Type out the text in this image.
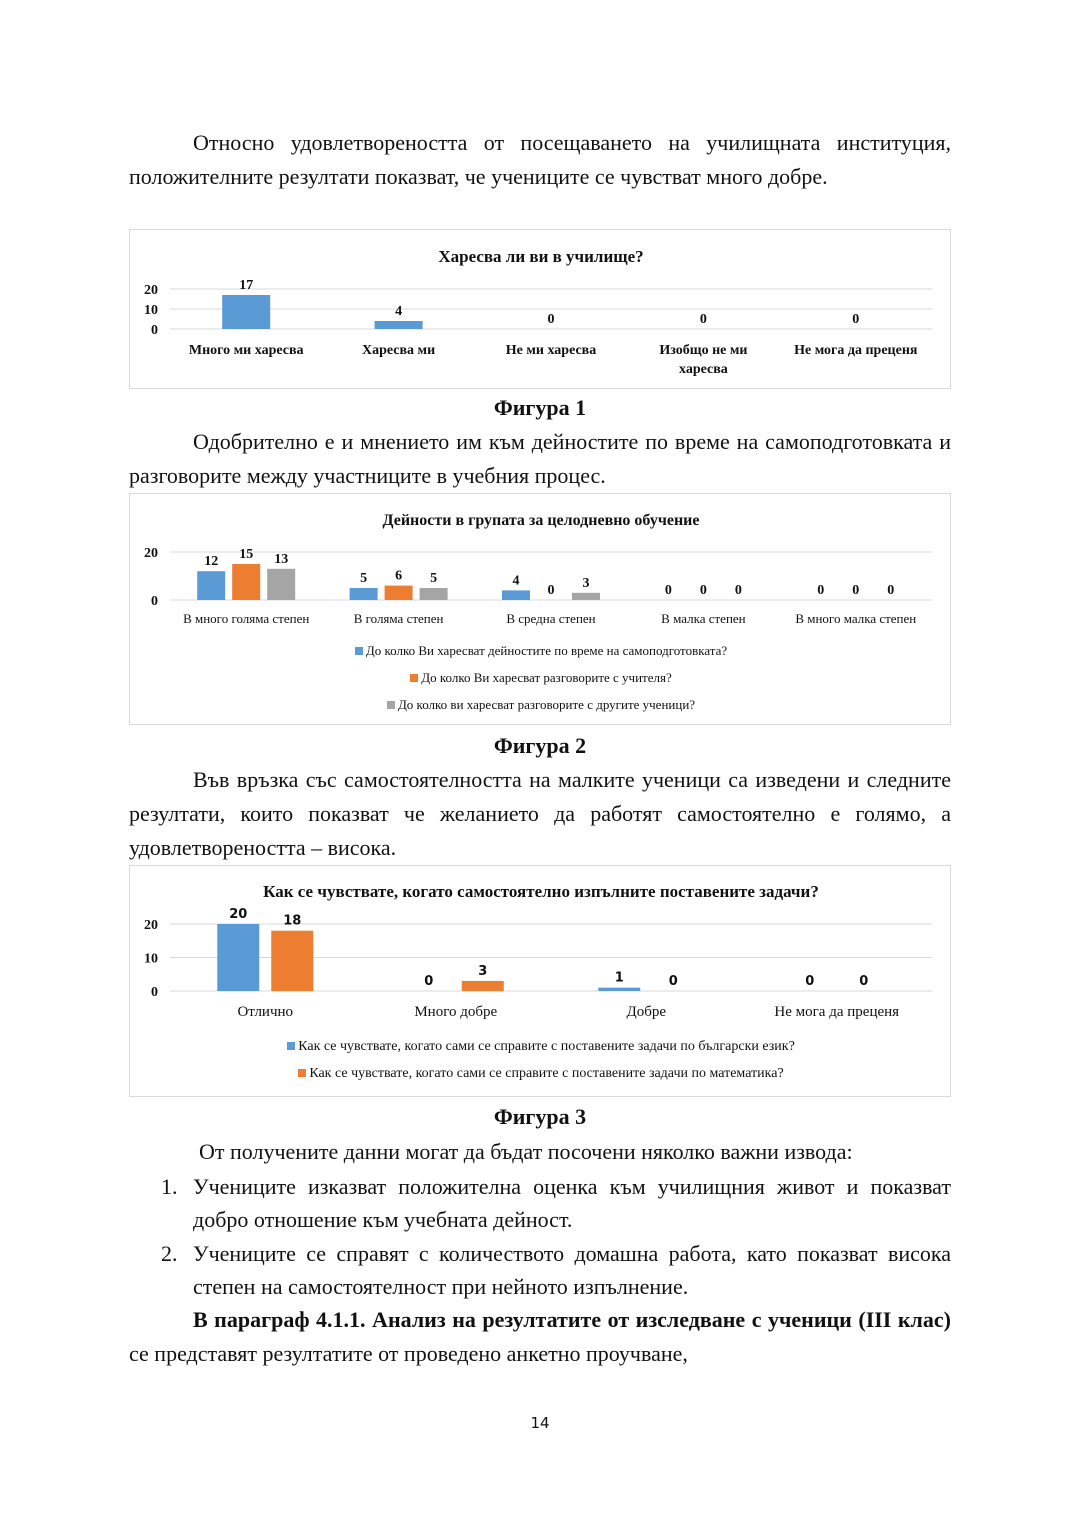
Относно удовлетвореността от посещаването на училищната институция, положителните резултати показват, че учениците се чувстват много добре.

Харесва ли ви в училище?
0
10
20	17
Много ми харесва
4
Харесва ми
0
Не ми харесва
0
Изобщо не ми харесва
0
Не мога да преценя
Фигура 1

Одобрително е и мнението им към дейностите по време на самоподготовката и разговорите между участниците в учебния процес.

Дейности в групата за целодневно обучение
0
20
12 15 13
В много голяма степен
5 6 5
В голяма степен
4
0 3
В средна степен
0 0 0
В малка степен
0 0 0
В много малка степен
До колко Ви харесват дейностите по време на самоподготовката?
До колко Ви харесват разговорите с учителя?
До колко ви харесват разговорите с другите ученици?
Фигура 2

Във връзка със самостоятелността на малките ученици са изведени и следните резултати, които показват че желанието да работят самостоятелно е голямо, а удовлетвореността – висока.

Как се чувствате, когато самостоятелно изпълните поставените задачи?
0
10
20
20	18
Отлично
0
3
Много добре
1	0
Добре
0	0
Не мога да преценя
Как се чувствате, когато сами се справите с поставените задачи по български език?
Как се чувствате, когато сами се справите с поставените задачи по математика?
Фигура 3

От получените данни могат да бъдат посочени няколко важни извода:

1. Учениците изказват положителна оценка към училищния живот и показват добро отношение към учебната дейност.
2. Учениците се справят с количеството домашна работа, като показват висока степен на самостоятелност при нейното изпълнение.

В параграф 4.1.1. Анализ на резултатите от изследване с ученици (III клас) се представят резултатите от проведено анкетно проучване,

14
